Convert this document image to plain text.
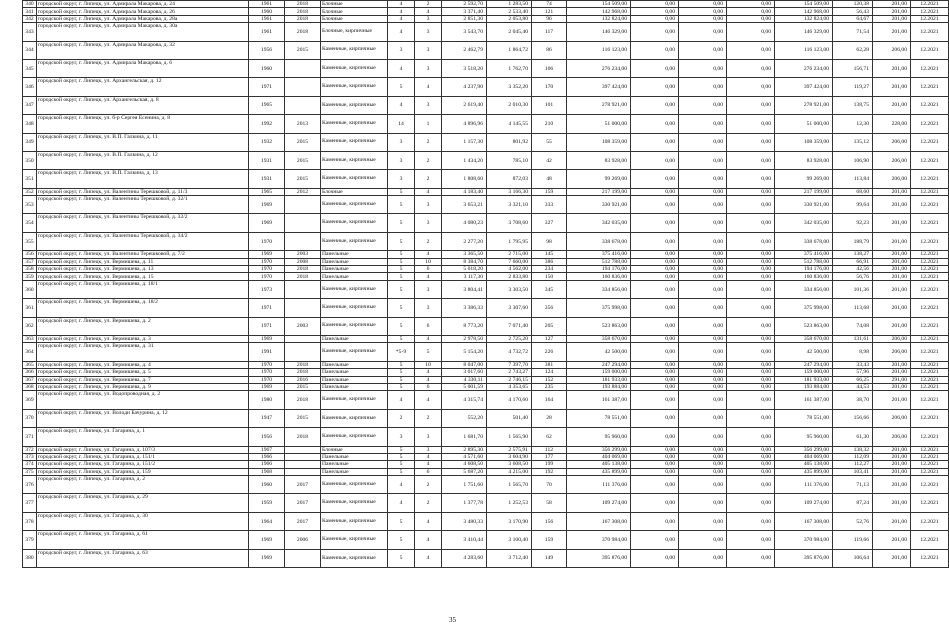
340	городской округ, г. Липецк, ул. Адмирала Макарова, д. 24	1961	2018	Блочные	4	2	2 592,70	1 283,50	74	154 509,00	0,00	0,00	0,00	154 509,00	120,38	201,00	12.2021
341	городской округ, г. Липецк, ул. Адмирала Макарова, д. 26	1960	2018	Блочные	4	4	3 371,40	2 533,40	121	142 968,00	0,00	0,00	0,00	142 968,00	56,43	201,00	12.2021
342	городской округ, г. Липецк, ул. Адмирала Макарова, д. 28а	1961	2018	Блочные	4	3	2 851,30	2 053,80	96	132 824,00	0,00	0,00	0,00	132 824,00	64,67	201,00	12.2021
343	городской округ, г. Липецк, ул. Адмирала Макарова, д. 30а	1961	2018	Блочные, кирпичные	4	3	3 543,70	2 045,40	117	146 329,00	0,00	0,00	0,00	146 329,00	71,54	201,00	12.2021
344	городской округ, г. Липецк, ул. Адмирала Макарова, д. 32	1956	2015	Каменные, кирпичные	3	3	2 462,79	1 864,72	86	116 123,00	0,00	0,00	0,00	116 123,00	62,28	206,00	12.2021
345	городской округ, г. Липецк, ул. Адмирала Макарова, д. 6	1960		Каменные, кирпичные	4	3	3 518,20	1 762,70	106	276 234,00	0,00	0,00	0,00	276 234,00	156,71	201,00	12.2021
346	городской округ, г. Липецк, ул. Архангельская, д. 12	1971		Каменные, кирпичные	5	4	4 237,90	3 352,20	170	397 424,00	0,00	0,00	0,00	397 424,00	119,27	201,00	12.2021
347	городской округ, г. Липецк, ул. Архангельская, д. 8	1965		Каменные, кирпичные	4	3	2 619,40	2 010,30	101	278 921,00	0,00	0,00	0,00	278 921,00	138,75	201,00	12.2021
348	городской округ, г. Липецк, ул. б-р Сергея Есенина, д. 8	1992	2013	Каменные, кирпичные	14	1	4 896,96	4 145,55	210	51 000,00	0,00	0,00	0,00	51 000,00	12,30	228,00	12.2021
349	городской округ, г. Липецк, ул. В.П. Галкина, д. 11	1932	2015	Каменные, кирпичные	3	2	1 157,30	801,92	55	108 359,00	0,00	0,00	0,00	108 359,00	135,12	206,00	12.2021
350	городской округ, г. Липецк, ул. В.П. Галкина, д. 12	1931	2015	Каменные, кирпичные	3	2	1 434,20	785,10	42	83 928,00	0,00	0,00	0,00	83 928,00	106,90	206,00	12.2021
351	городской округ, г. Липецк, ул. В.П. Галкина, д. 13	1931	2015	Каменные, кирпичные	3	2	1 808,60	872,03	48	99 269,00	0,00	0,00	0,00	99 269,00	113,84	206,00	12.2021
352	городской округ, г. Липецк, ул. Валентины Терешковой, д. 11/3	1965	2012	Блочные	5	4	4 183,40	3 166,30	159	217 199,00	0,00	0,00	0,00	217 199,00	68,60	201,00	12.2021
353	городской округ, г. Липецк, ул. Валентины Терешковой, д. 32/1	1969		Каменные, кирпичные	5	3	3 653,21	3 321,10	333	330 921,00	0,00	0,00	0,00	330 921,00	99,64	201,00	12.2021
354	городской округ, г. Липецк, ул. Валентины Терешковой, д. 32/2	1969		Каменные, кирпичные	5	3	4 080,23	3 708,60	327	342 035,00	0,00	0,00	0,00	342 035,00	92,23	201,00	12.2021
355	городской округ, г. Липецк, ул. Валентины Терешковой, д. 34/2	1970		Каменные, кирпичные	5	2	2 277,20	1 795,95	98	338 678,00	0,00	0,00	0,00	338 678,00	188,79	201,00	12.2021
356	городской округ, г. Липецк, ул. Валентины Терешковой, д. 7/2	1969	2003	Панельные	5	4	3 365,50	2 715,00	145	375 416,00	0,00	0,00	0,00	375 416,00	138,27	201,00	12.2021
357	городской округ, г. Липецк, ул. Вермишева, д. 11	1970	2008	Панельные	5	10	8 384,70	7 660,00	386	512 788,00	0,00	0,00	0,00	512 788,00	66,91	201,00	12.2021
358	городской округ, г. Липецк, ул. Вермишева, д. 13	1970	2018	Панельные	5	6	5 018,20	4 562,00	234	194 176,00	0,00	0,00	0,00	194 176,00	42,56	201,00	12.2021
359	городской округ, г. Липецк, ул. Вермишева, д. 15	1970	2018	Панельные	5	4	3 117,30	2 833,80	150	160 836,00	0,00	0,00	0,00	160 836,00	56,76	201,00	12.2021
360	городской округ, г. Липецк, ул. Вермишева, д. 18/1	1973		Каменные, кирпичные	5	3	3 804,41	3 303,50	345	334 856,00	0,00	0,00	0,00	334 856,00	101,36	201,00	12.2021
361	городской округ, г. Липецк, ул. Вермишева, д. 18/2	1971		Каменные, кирпичные	5	3	3 386,33	3 307,60	356	375 998,00	0,00	0,00	0,00	375 998,00	113,68	201,00	12.2021
362	городской округ, г. Липецк, ул. Вермишева, д. 2	1971	2003	Каменные, кирпичные	5	6	8 773,20	7 071,40	205	523 863,00	0,00	0,00	0,00	523 863,00	74,08	201,00	12.2021
363	городской округ, г. Липецк, ул. Вермишева, д. 3	1969		Панельные	5	4	2 978,50	2 725,20	127	358 670,00	0,00	0,00	0,00	358 670,00	131,61	206,00	12.2021
364	городской округ, г. Липецк, ул. Вермишева, д. 31	1991		Каменные, кирпичные	*5-9	5	5 154,20	4 732,72	226	42 500,00	0,00	0,00	0,00	42 500,00	8,98	206,00	12.2021
365	городской округ, г. Липецк, ул. Вермишева, д. 4	1970	2018	Панельные	5	10	8 047,00	7 397,70	381	247 294,00	0,00	0,00	0,00	247 294,00	33,43	201,00	12.2021
366	городской округ, г. Липецк, ул. Вермишева, д. 5	1970	2018	Панельные	5	4	3 017,60	2 743,27	124	159 000,00	0,00	0,00	0,00	159 000,00	57,96	201,00	12.2021
367	городской округ, г. Липецк, ул. Вермишева, д. 7	1970	2016	Панельные	5	4	4 330,11	2 746,15	152	181 933,00	0,00	0,00	0,00	181 933,00	66,25	291,00	12.2021
368	городской округ, г. Липецк, ул. Вермишева, д. 9	1969	2015	Панельные	5	6	5 001,59	4 353,65	235	193 884,00	0,00	0,00	0,00	193 884,00	44,53	201,00	12.2021
369	городской округ, г. Липецк, ул. Водопроводная, д. 2	1980	2018	Каменные, кирпичные	4	4	4 315,74	4 170,60	164	161 387,00	0,00	0,00	0,00	161 387,00	38,70	201,00	12.2021
370	городской округ, г. Липецк, ул. Володи Бачурина, д. 12	1947	2015	Каменные, кирпичные	2	2	552,20	501,40	28	78 551,00	0,00	0,00	0,00	78 551,00	156,66	206,00	12.2021
371	городской округ, г. Липецк, ул. Гагарина, д. 1	1956	2018	Каменные, кирпичные	3	3	1 681,70	1 565,90	62	95 960,00	0,00	0,00	0,00	95 960,00	61,30	206,00	12.2021
372	городской округ, г. Липецк, ул. Гагарина, д. 107/3	1967		Блочные	5	3	2 895,30	2 575,91	112	356 299,00	0,00	0,00	0,00	356 299,00	138,32	201,00	12.2021
373	городской округ, г. Липецк, ул. Гагарина, д. 151/1	1966		Панельные	5	4	4 571,60	3 604,90	177	404 069,00	0,00	0,00	0,00	404 069,00	112,09	201,00	12.2021
374	городской округ, г. Липецк, ул. Гагарина, д. 151/2	1966		Панельные	5	4	4 608,50	3 608,50	199	405 138,00	0,00	0,00	0,00	405 138,00	112,27	201,00	12.2021
375	городской округ, г. Липецк, ул. Гагарина, д. 159	1968		Панельные	5	6	5 687,20	4 215,00	192	435 899,00	0,00	0,00	0,00	435 899,00	103,41	201,00	12.2021
376	городской округ, г. Липецк, ул. Гагарина, д. 2	1960	2017	Каменные, кирпичные	4	2	1 751,60	1 565,70	70	111 376,00	0,00	0,00	0,00	111 376,00	71,13	201,00	12.2021
377	городской округ, г. Липецк, ул. Гагарина, д. 29	1959	2017	Каменные, кирпичные	4	2	1 377,78	1 252,53	58	109 274,00	0,00	0,00	0,00	109 274,00	87,24	201,00	12.2021
378	городской округ, г. Липецк, ул. Гагарина, д. 30	1964	2017	Каменные, кирпичные	5	4	3 480,33	3 170,90	156	167 308,00	0,00	0,00	0,00	167 308,00	52,76	201,00	12.2021
379	городской округ, г. Липецк, ул. Гагарина, д. 61	1969	2006	Каменные, кирпичные	5	4	3 410,44	3 100,40	159	370 984,00	0,00	0,00	0,00	370 984,00	119,66	201,00	12.2021
380	городской округ, г. Липецк, ул. Гагарина, д. 63	1969		Каменные, кирпичные	5	4	4 283,60	3 712,40	149	395 876,00	0,00	0,00	0,00	395 876,00	106,64	201,00	12.2021
35
